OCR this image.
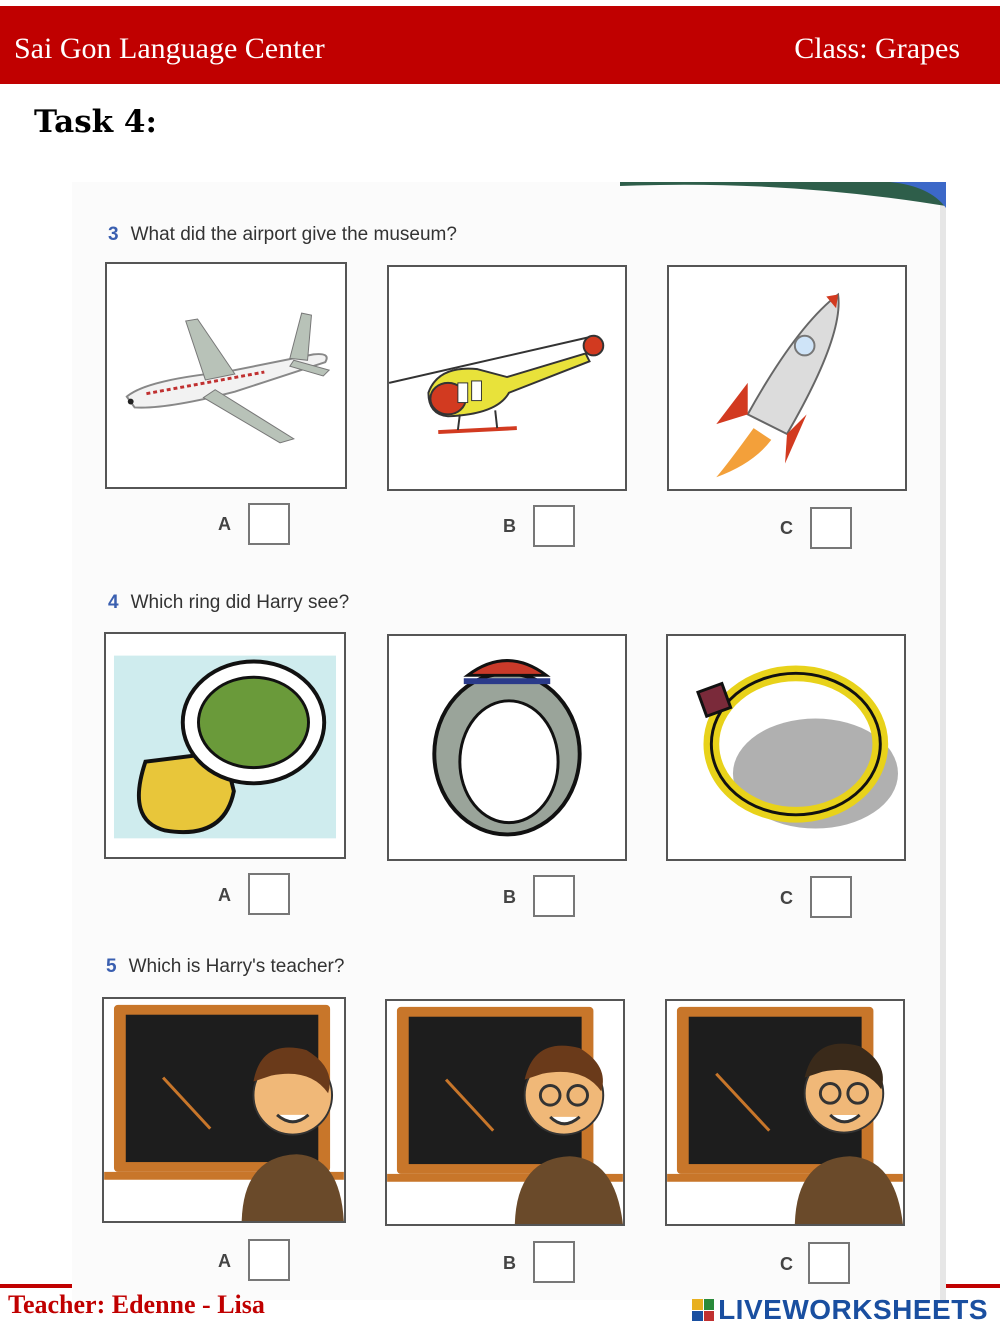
Sai Gon Language Center	Class: Grapes
Task 4:
3 What did the airport give the museum?
A	B	C
4 Which ring did Harry see?
A	B	C
5 Which is Harry's teacher?
A	B	C
Teacher: Edenne - Lisa	LIVEWORKSHEETS
